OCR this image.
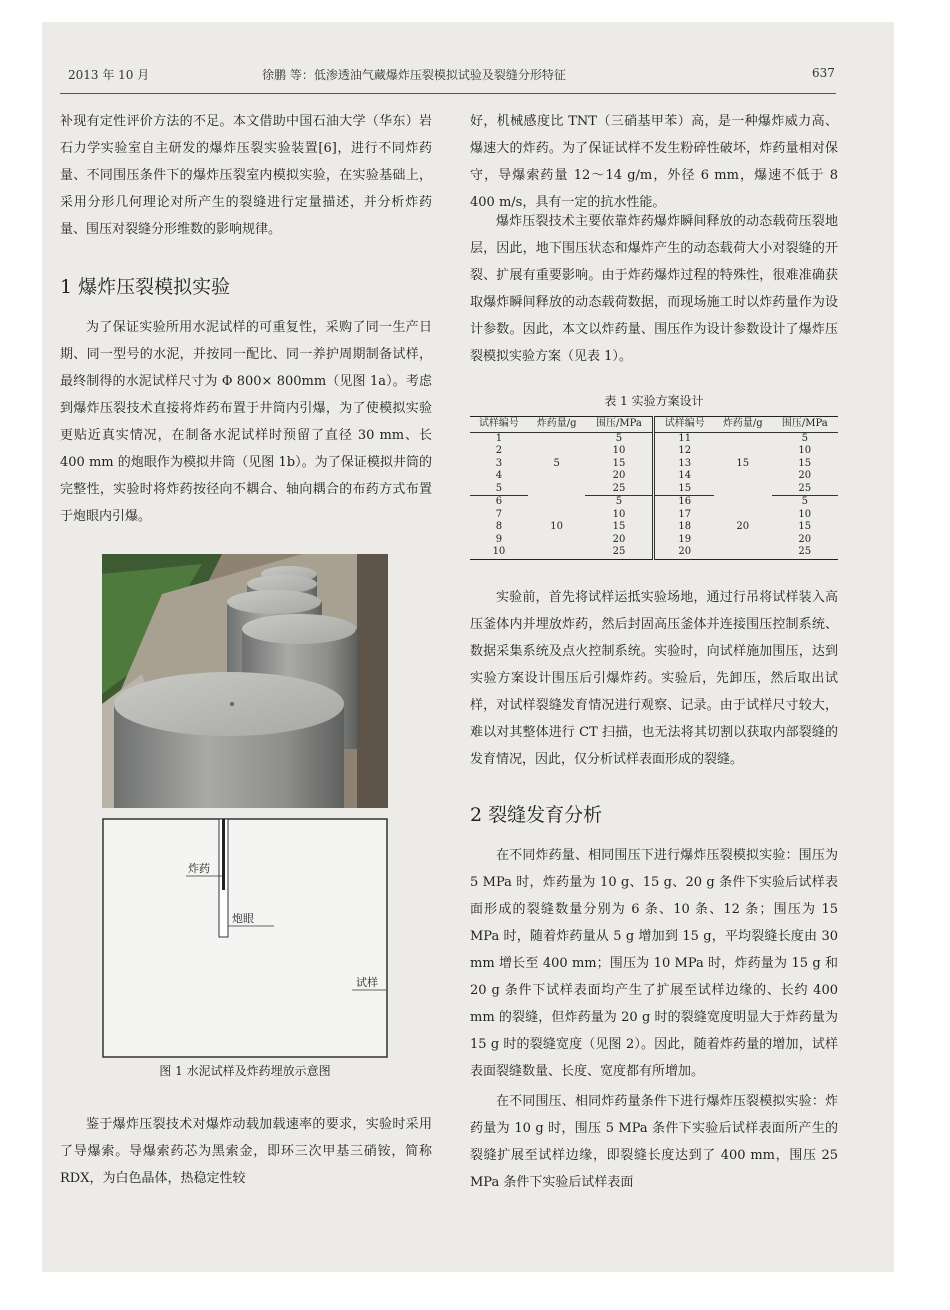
2013 年 10 月	徐鹏 等：低渗透油气藏爆炸压裂模拟试验及裂缝分形特征	637

补现有定性评价方法的不足。本文借助中国石油大学（华东）岩石力学实验室自主研发的爆炸压裂实验装置[6]，进行不同炸药量、不同围压条件下的爆炸压裂室内模拟实验，在实验基础上，采用分形几何理论对所产生的裂缝进行定量描述，并分析炸药量、围压对裂缝分形维数的影响规律。

1 爆炸压裂模拟实验

为了保证实验所用水泥试样的可重复性，采购了同一生产日期、同一型号的水泥，并按同一配比、同一养护周期制备试样，最终制得的水泥试样尺寸为 Φ 800× 800mm（见图 1a）。考虑到爆炸压裂技术直接将炸药布置于井筒内引爆，为了使模拟实验更贴近真实情况，在制备水泥试样时预留了直径 30 mm、长 400 mm 的炮眼作为模拟井筒（见图 1b）。为了保证模拟井筒的完整性，实验时将炸药按径向不耦合、轴向耦合的布药方式布置于炮眼内引爆。

炸药
炮眼
试样
图 1 水泥试样及炸药埋放示意图

鉴于爆炸压裂技术对爆炸动载加载速率的要求，实验时采用了导爆索。导爆索药芯为黑索金，即环三次甲基三硝铵，简称 RDX，为白色晶体，热稳定性较

好，机械感度比 TNT（三硝基甲苯）高，是一种爆炸威力高、爆速大的炸药。为了保证试样不发生粉碎性破坏，炸药量相对保守，导爆索药量 12～14 g/m，外径 6 mm，爆速不低于 8 400 m/s，具有一定的抗水性能。

爆炸压裂技术主要依靠炸药爆炸瞬间释放的动态载荷压裂地层，因此，地下围压状态和爆炸产生的动态载荷大小对裂缝的开裂、扩展有重要影响。由于炸药爆炸过程的特殊性，很难准确获取爆炸瞬间释放的动态载荷数据，而现场施工时以炸药量作为设计参数。因此，本文以炸药量、围压作为设计参数设计了爆炸压裂模拟实验方案（见表 1）。

表 1 实验方案设计
试样编号	炸药量/g	围压/MPa	试样编号	炸药量/g	围压/MPa
1	5	5	11	15	5
2		10	12		10
3		15	13		15
4		20	14		20
5		25	15		25
6	10	5	16	20	5
7		10	17		10
8		15	18		15
9		20	19		20
10		25	20		25

实验前，首先将试样运抵实验场地，通过行吊将试样装入高压釜体内并埋放炸药，然后封固高压釜体并连接围压控制系统、数据采集系统及点火控制系统。实验时，向试样施加围压，达到实验方案设计围压后引爆炸药。实验后，先卸压，然后取出试样，对试样裂缝发育情况进行观察、记录。由于试样尺寸较大，难以对其整体进行 CT 扫描，也无法将其切割以获取内部裂缝的发育情况，因此，仅分析试样表面形成的裂缝。

2 裂缝发育分析

在不同炸药量、相同围压下进行爆炸压裂模拟实验：围压为 5 MPa 时，炸药量为 10 g、15 g、20 g 条件下实验后试样表面形成的裂缝数量分别为 6 条、10 条、12 条；围压为 15 MPa 时，随着炸药量从 5 g 增加到 15 g，平均裂缝长度由 30 mm 增长至 400 mm；围压为 10 MPa 时，炸药量为 15 g 和 20 g 条件下试样表面均产生了扩展至试样边缘的、长约 400 mm 的裂缝，但炸药量为 20 g 时的裂缝宽度明显大于炸药量为 15 g 时的裂缝宽度（见图 2）。因此，随着炸药量的增加，试样表面裂缝数量、长度、宽度都有所增加。

在不同围压、相同炸药量条件下进行爆炸压裂模拟实验：炸药量为 10 g 时，围压 5 MPa 条件下实验后试样表面所产生的裂缝扩展至试样边缘，即裂缝长度达到了 400 mm，围压 25 MPa 条件下实验后试样表面
